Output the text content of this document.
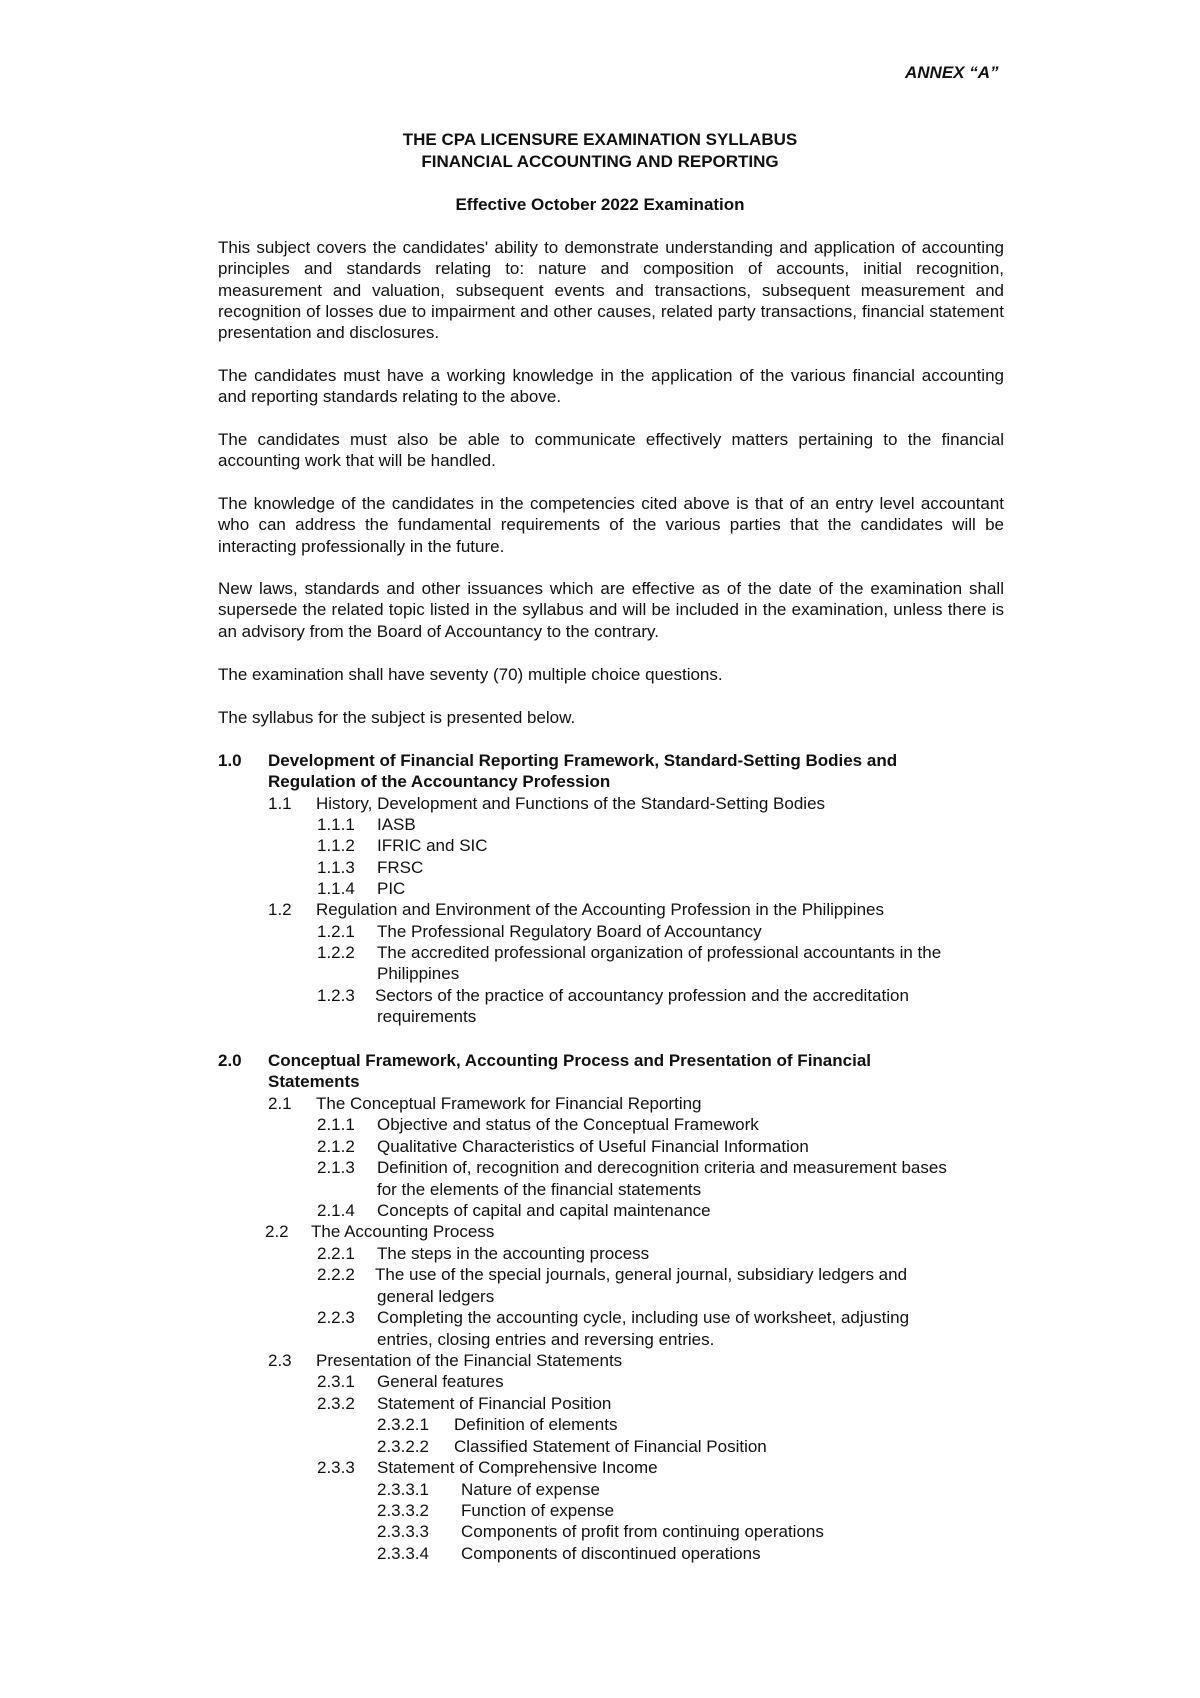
ANNEX “A”
THE CPA LICENSURE EXAMINATION SYLLABUS
FINANCIAL ACCOUNTING AND REPORTING
Effective October 2022 Examination
This subject covers the candidates' ability to demonstrate understanding and application of accounting principles and standards relating to: nature and composition of accounts, initial recognition, measurement and valuation, subsequent events and transactions, subsequent measurement and recognition of losses due to impairment and other causes, related party transactions, financial statement presentation and disclosures.
The candidates must have a working knowledge in the application of the various financial accounting and reporting standards relating to the above.
The candidates must also be able to communicate effectively matters pertaining to the financial accounting work that will be handled.
The knowledge of the candidates in the competencies cited above is that of an entry level accountant who can address the fundamental requirements of the various parties that the candidates will be interacting professionally in the future.
New laws, standards and other issuances which are effective as of the date of the examination shall supersede the related topic listed in the syllabus and will be included in the examination, unless there is an advisory from the Board of Accountancy to the contrary.
The examination shall have seventy (70) multiple choice questions.
The syllabus for the subject is presented below.
1.0 Development of Financial Reporting Framework, Standard-Setting Bodies and
Regulation of the Accountancy Profession
1.1 History, Development and Functions of the Standard-Setting Bodies
1.1.1 IASB
1.1.2 IFRIC and SIC
1.1.3 FRSC
1.1.4 PIC
1.2 Regulation and Environment of the Accounting Profession in the Philippines
1.2.1 The Professional Regulatory Board of Accountancy
1.2.2 The accredited professional organization of professional accountants in the
Philippines
1.2.3 Sectors of the practice of accountancy profession and the accreditation
requirements
2.0 Conceptual Framework, Accounting Process and Presentation of Financial
Statements
2.1 The Conceptual Framework for Financial Reporting
2.1.1 Objective and status of the Conceptual Framework
2.1.2 Qualitative Characteristics of Useful Financial Information
2.1.3 Definition of, recognition and derecognition criteria and measurement bases
for the elements of the financial statements
2.1.4 Concepts of capital and capital maintenance
2.2 The Accounting Process
2.2.1 The steps in the accounting process
2.2.2 The use of the special journals, general journal, subsidiary ledgers and
general ledgers
2.2.3 Completing the accounting cycle, including use of worksheet, adjusting
entries, closing entries and reversing entries.
2.3 Presentation of the Financial Statements
2.3.1 General features
2.3.2 Statement of Financial Position
2.3.2.1 Definition of elements
2.3.2.2 Classified Statement of Financial Position
2.3.3 Statement of Comprehensive Income
2.3.3.1 Nature of expense
2.3.3.2 Function of expense
2.3.3.3 Components of profit from continuing operations
2.3.3.4 Components of discontinued operations
